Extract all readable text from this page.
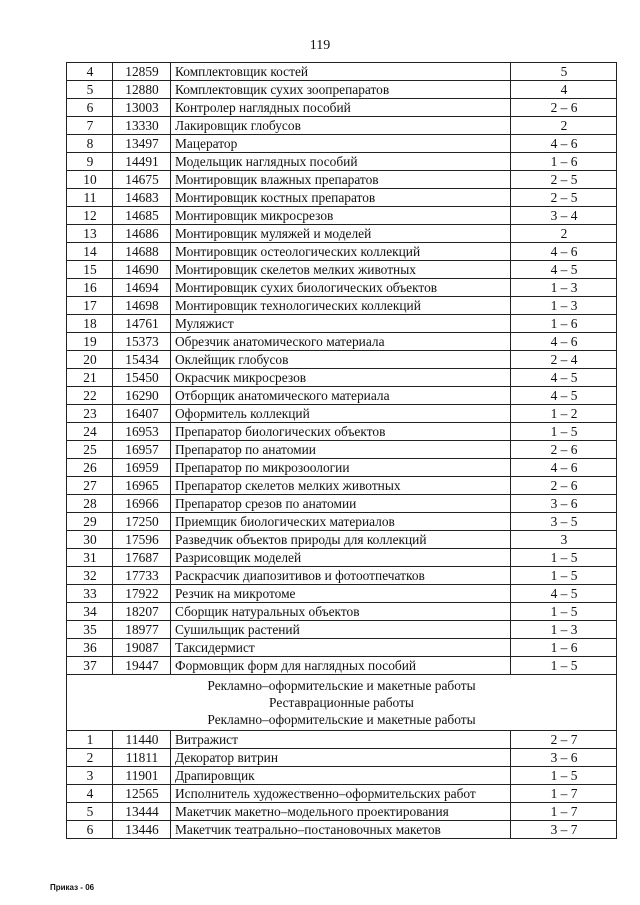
119
4	12859	Комплектовщик костей	5
5	12880	Комплектовщик сухих зоопрепаратов	4
6	13003	Контролер наглядных пособий	2 – 6
7	13330	Лакировщик глобусов	2
8	13497	Мацератор	4 – 6
9	14491	Модельщик наглядных пособий	1 – 6
10	14675	Монтировщик влажных препаратов	2 – 5
11	14683	Монтировщик костных препаратов	2 – 5
12	14685	Монтировщик микросрезов	3 – 4
13	14686	Монтировщик муляжей и моделей	2
14	14688	Монтировщик остеологических коллекций	4 – 6
15	14690	Монтировщик скелетов мелких животных	4 – 5
16	14694	Монтировщик сухих биологических объектов	1 – 3
17	14698	Монтировщик технологических коллекций	1 – 3
18	14761	Муляжист	1 – 6
19	15373	Обрезчик анатомического материала	4 – 6
20	15434	Оклейщик глобусов	2 – 4
21	15450	Окрасчик микросрезов	4 – 5
22	16290	Отборщик анатомического материала	4 – 5
23	16407	Оформитель коллекций	1 – 2
24	16953	Препаратор биологических объектов	1 – 5
25	16957	Препаратор по анатомии	2 – 6
26	16959	Препаратор по микрозоологии	4 – 6
27	16965	Препаратор скелетов мелких животных	2 – 6
28	16966	Препаратор срезов по анатомии	3 – 6
29	17250	Приемщик биологических материалов	3 – 5
30	17596	Разведчик объектов природы для коллекций	3
31	17687	Разрисовщик моделей	1 – 5
32	17733	Раскрасчик диапозитивов и фотоотпечатков	1 – 5
33	17922	Резчик на микротоме	4 – 5
34	18207	Сборщик натуральных объектов	1 – 5
35	18977	Сушильщик растений	1 – 3
36	19087	Таксидермист	1 – 6
37	19447	Формовщик форм для наглядных пособий	1 – 5

Рекламно–оформительские и макетные работы
Реставрационные работы
Рекламно–оформительские и макетные работы			

1	11440	Витражист	2 – 7
2	11811	Декоратор витрин	3 – 6
3	11901	Драпировщик	1 – 5
4	12565	Исполнитель художественно–оформительских работ	1 – 7
5	13444	Макетчик макетно–модельного проектирования	1 – 7
6	13446	Макетчик театрально–постановочных макетов	3 – 7
Приказ - 06
